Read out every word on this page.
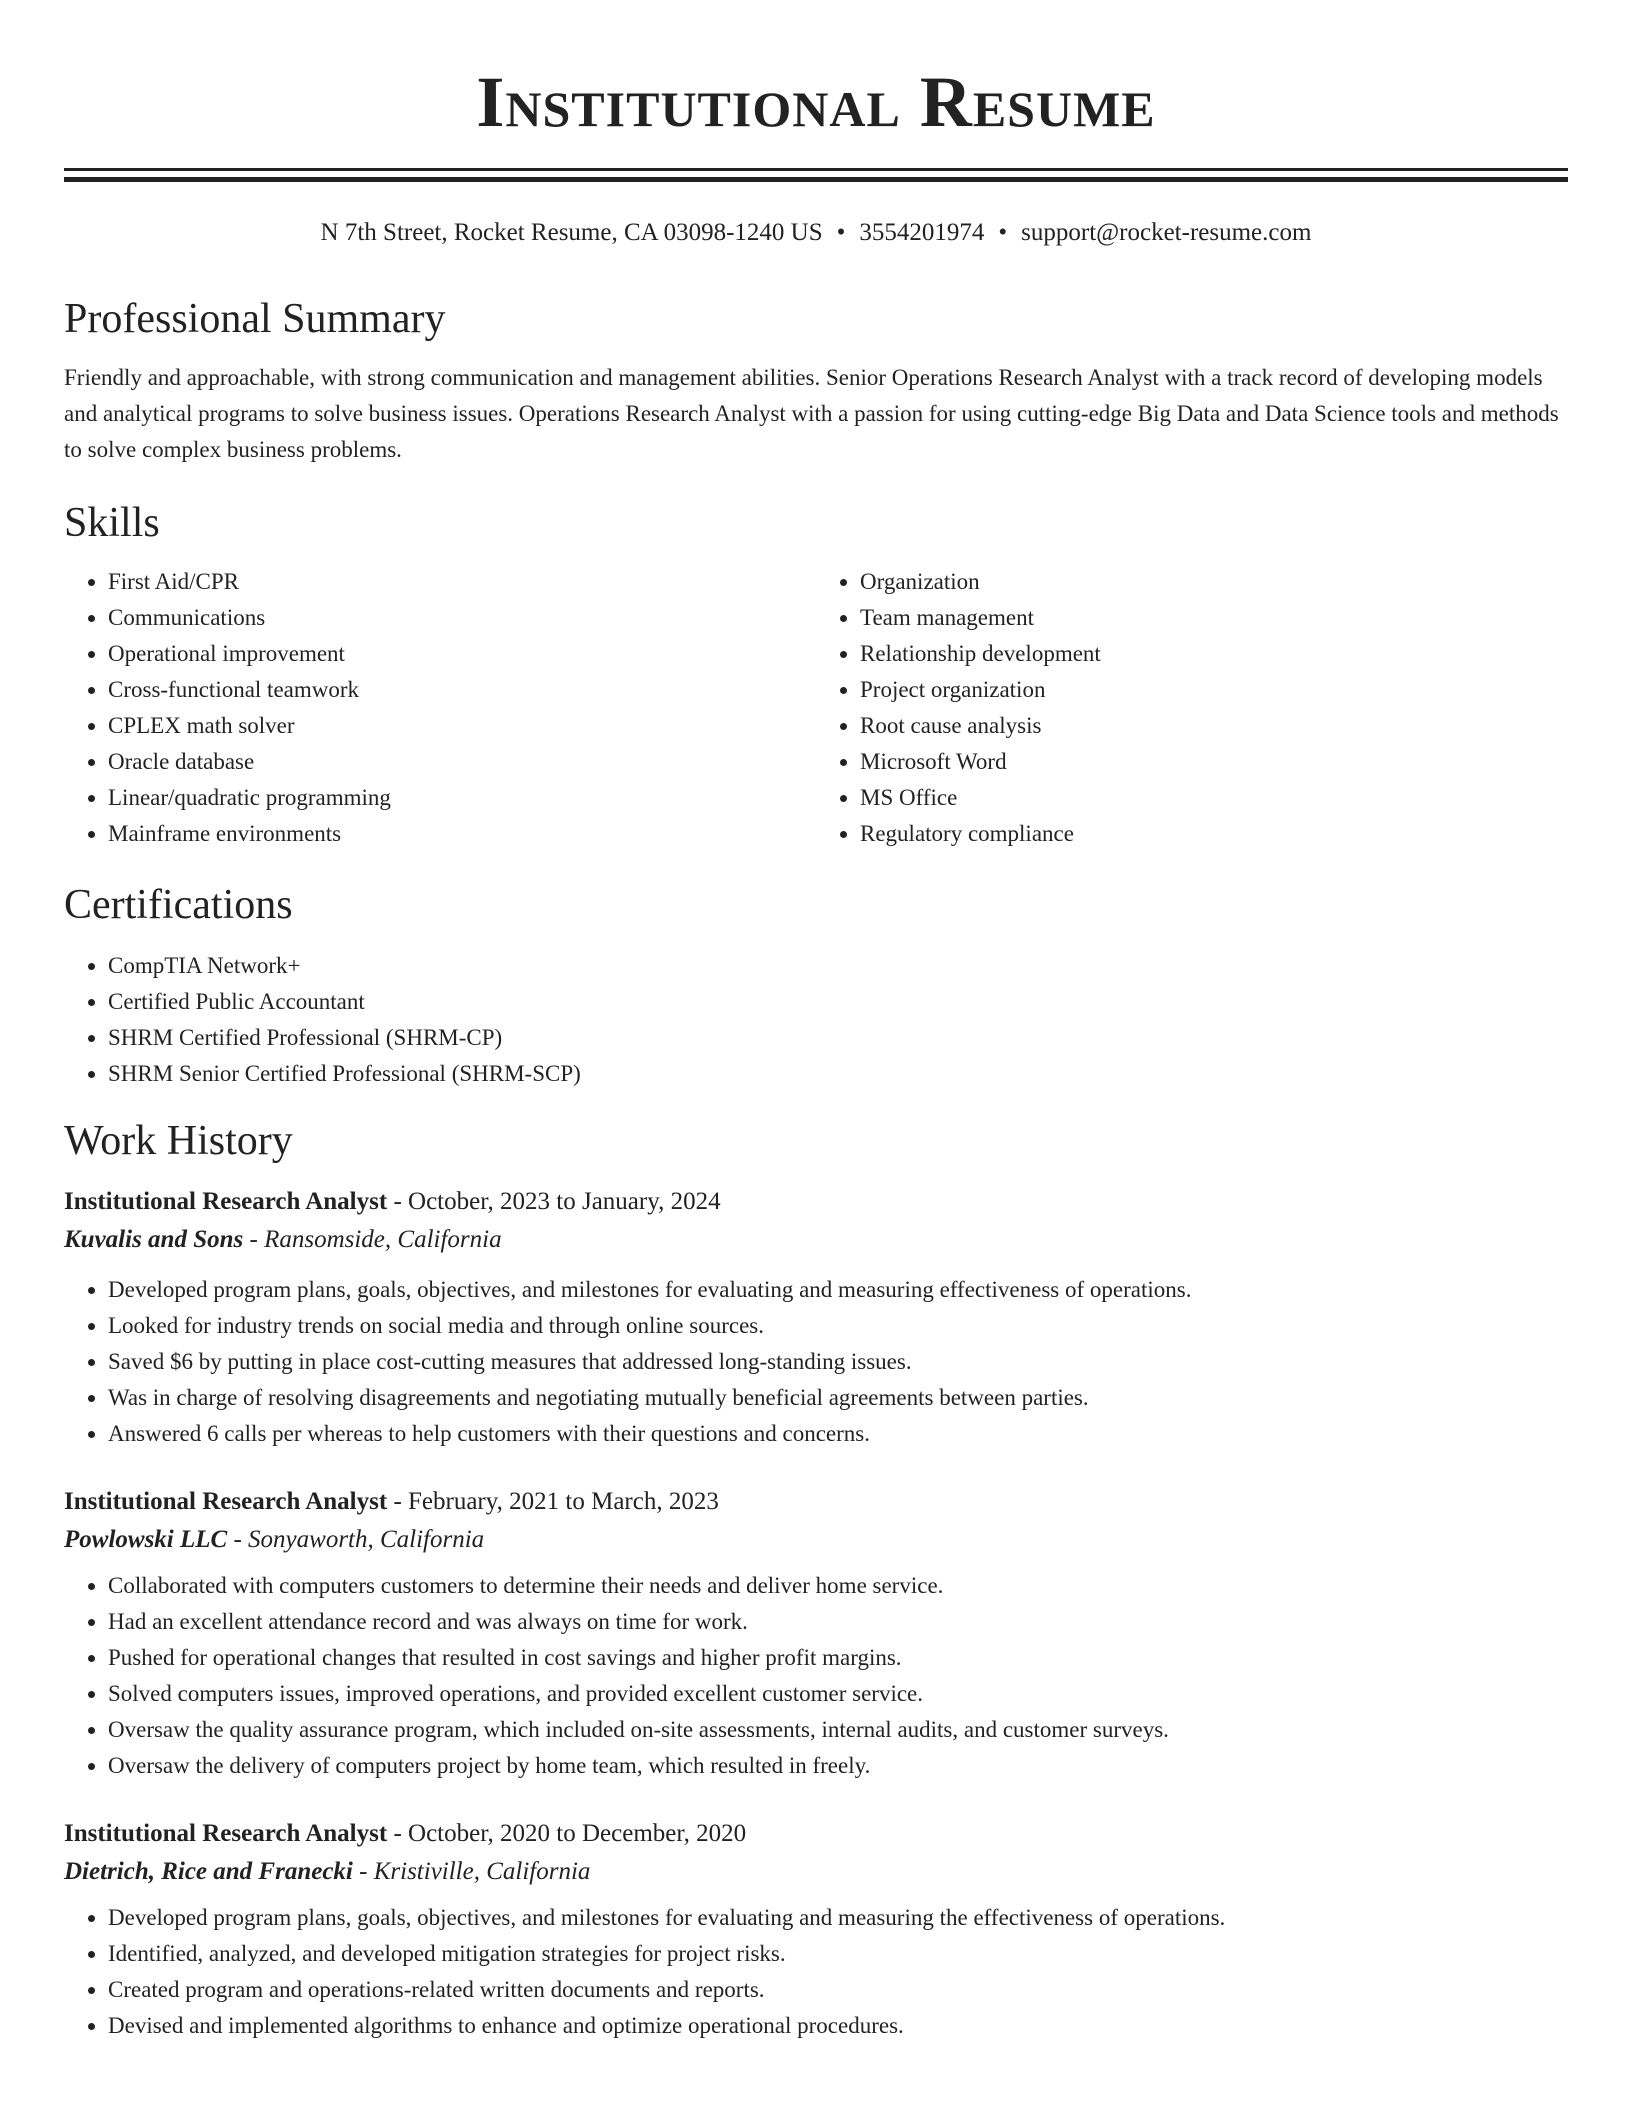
Institutional Resume
N 7th Street, Rocket Resume, CA 03098-1240 US • 3554201974 • support@rocket-resume.com
Professional Summary
Friendly and approachable, with strong communication and management abilities. Senior Operations Research Analyst with a track record of developing models and analytical programs to solve business issues. Operations Research Analyst with a passion for using cutting-edge Big Data and Data Science tools and methods to solve complex business problems.
Skills
• First Aid/CPR
• Communications
• Operational improvement
• Cross-functional teamwork
• CPLEX math solver
• Oracle database
• Linear/quadratic programming
• Mainframe environments
• Organization
• Team management
• Relationship development
• Project organization
• Root cause analysis
• Microsoft Word
• MS Office
• Regulatory compliance
Certifications
• CompTIA Network+
• Certified Public Accountant
• SHRM Certified Professional (SHRM-CP)
• SHRM Senior Certified Professional (SHRM-SCP)
Work History
Institutional Research Analyst - October, 2023 to January, 2024
Kuvalis and Sons - Ransomside, California
• Developed program plans, goals, objectives, and milestones for evaluating and measuring effectiveness of operations.
• Looked for industry trends on social media and through online sources.
• Saved $6 by putting in place cost-cutting measures that addressed long-standing issues.
• Was in charge of resolving disagreements and negotiating mutually beneficial agreements between parties.
• Answered 6 calls per whereas to help customers with their questions and concerns.
Institutional Research Analyst - February, 2021 to March, 2023
Powlowski LLC - Sonyaworth, California
• Collaborated with computers customers to determine their needs and deliver home service.
• Had an excellent attendance record and was always on time for work.
• Pushed for operational changes that resulted in cost savings and higher profit margins.
• Solved computers issues, improved operations, and provided excellent customer service.
• Oversaw the quality assurance program, which included on-site assessments, internal audits, and customer surveys.
• Oversaw the delivery of computers project by home team, which resulted in freely.
Institutional Research Analyst - October, 2020 to December, 2020
Dietrich, Rice and Franecki - Kristiville, California
• Developed program plans, goals, objectives, and milestones for evaluating and measuring the effectiveness of operations.
• Identified, analyzed, and developed mitigation strategies for project risks.
• Created program and operations-related written documents and reports.
• Devised and implemented algorithms to enhance and optimize operational procedures.
